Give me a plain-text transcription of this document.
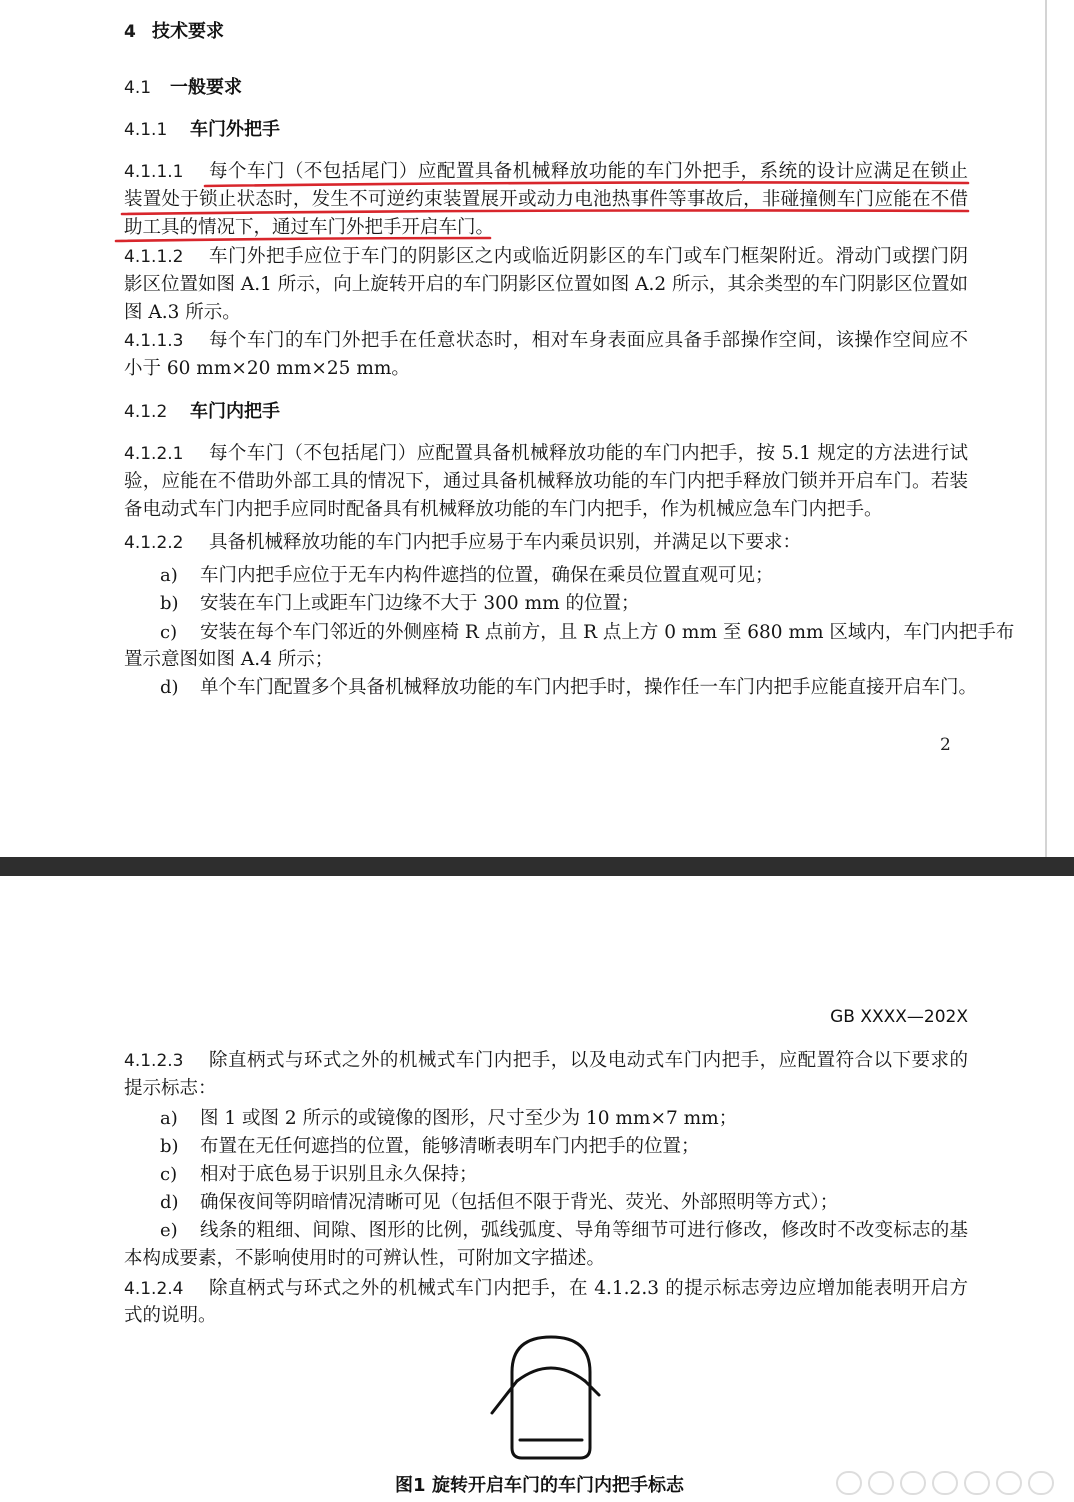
4 技术要求
4.1 一般要求
4.1.1 车门外把手
4.1.1.1 每个车门（不包括尾门）应配置具备机械释放功能的车门外把手，系统的设计应满足在锁止
装置处于锁止状态时，发生不可逆约束装置展开或动力电池热事件等事故后，非碰撞侧车门应能在不借
助工具的情况下，通过车门外把手开启车门。
4.1.1.2 车门外把手应位于车门的阴影区之内或临近阴影区的车门或车门框架附近。滑动门或摆门阴
影区位置如图 A.1 所示，向上旋转开启的车门阴影区位置如图 A.2 所示，其余类型的车门阴影区位置如
图 A.3 所示。
4.1.1.3 每个车门的车门外把手在任意状态时，相对车身表面应具备手部操作空间，该操作空间应不
小于 60 mm×20 mm×25 mm。
4.1.2 车门内把手
4.1.2.1 每个车门（不包括尾门）应配置具备机械释放功能的车门内把手，按 5.1 规定的方法进行试
验，应能在不借助外部工具的情况下，通过具备机械释放功能的车门内把手释放门锁并开启车门。若装
备电动式车门内把手应同时配备具有机械释放功能的车门内把手，作为机械应急车门内把手。
4.1.2.2 具备机械释放功能的车门内把手应易于车内乘员识别，并满足以下要求：
a) 车门内把手应位于无车内构件遮挡的位置，确保在乘员位置直观可见；
b) 安装在车门上或距车门边缘不大于 300 mm 的位置；
c) 安装在每个车门邻近的外侧座椅 R 点前方，且 R 点上方 0 mm 至 680 mm 区域内，车门内把手布
置示意图如图 A.4 所示；
d) 单个车门配置多个具备机械释放功能的车门内把手时，操作任一车门内把手应能直接开启车门。
2
GB XXXX—202X
4.1.2.3 除直柄式与环式之外的机械式车门内把手，以及电动式车门内把手，应配置符合以下要求的
提示标志：
a) 图 1 或图 2 所示的或镜像的图形，尺寸至少为 10 mm×7 mm；
b) 布置在无任何遮挡的位置，能够清晰表明车门内把手的位置；
c) 相对于底色易于识别且永久保持；
d) 确保夜间等阴暗情况清晰可见（包括但不限于背光、荧光、外部照明等方式）；
e) 线条的粗细、间隙、图形的比例，弧线弧度、导角等细节可进行修改，修改时不改变标志的基
本构成要素，不影响使用时的可辨认性，可附加文字描述。
4.1.2.4 除直柄式与环式之外的机械式车门内把手，在 4.1.2.3 的提示标志旁边应增加能表明开启方
式的说明。
图1 旋转开启车门的车门内把手标志
